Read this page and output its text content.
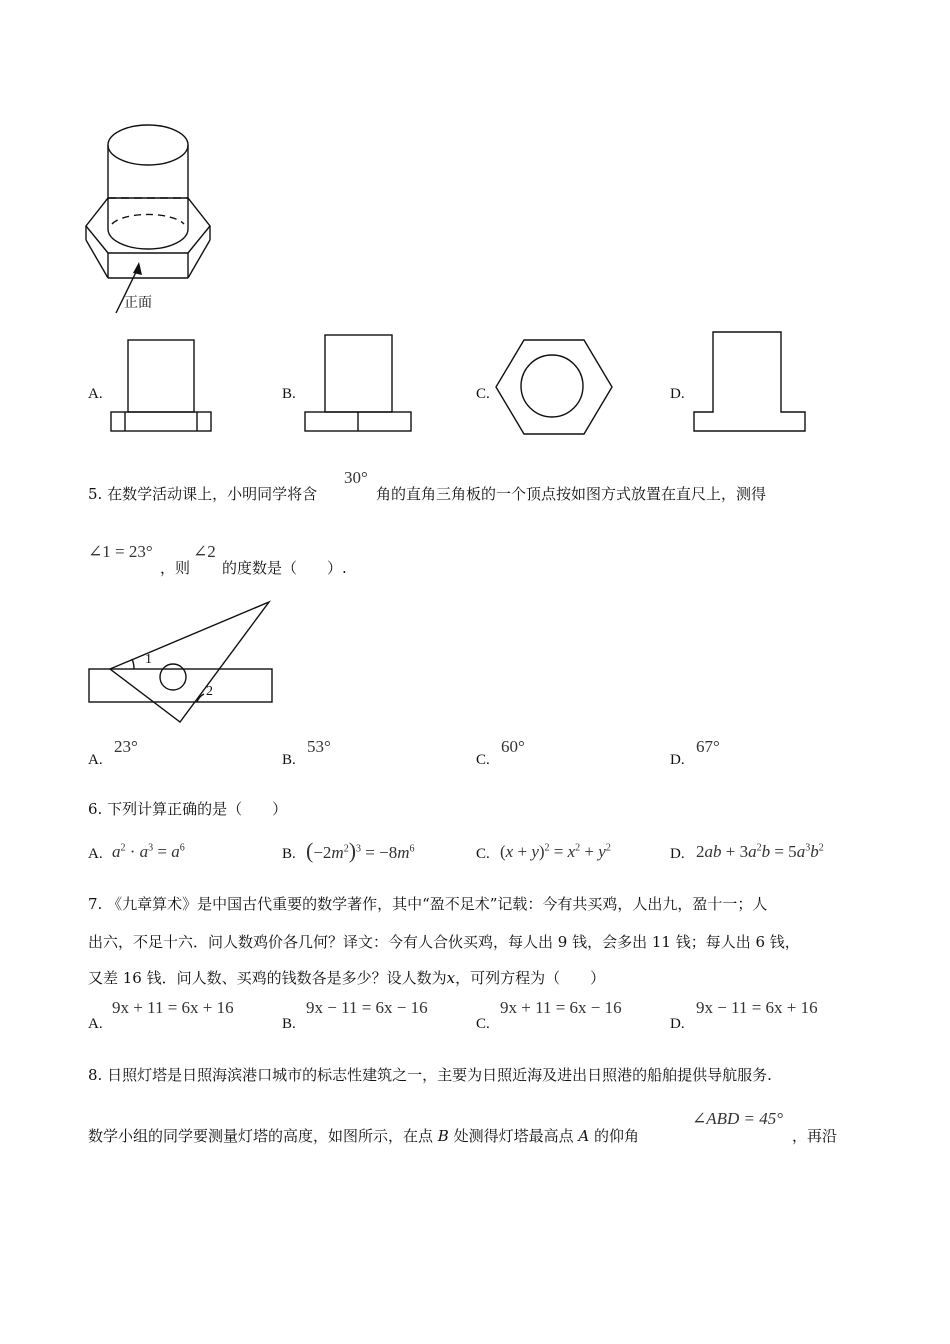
正面
A.	B.	C.	D.
5. 在数学活动课上，小明同学将含
30°
角的直角三角板的一个顶点按如图方式放置在直尺上，测得
∠1 = 23°
，则
∠2
的度数是（　　）.
1
2
A.
23°
B.
53°
C.
60°
D.
67°
6. 下列计算正确的是（　　）
A. $a^2 \cdot a^3 = a^6$	B. $(-2m^2)^3 = -8m^6$	C. $(x + y)^2 = x^2 + y^2$	D. $2ab + 3a^2b = 5a^3b^2$
7. 《九章算术》是中国古代重要的数学著作，其中“盈不足术”记载：今有共买鸡，人出九，盈十一；人
出六，不足十六．问人数鸡价各几何？译文：今有人合伙买鸡，每人出 9 钱，会多出 11 钱；每人出 6 钱，
又差 16 钱．问人数、买鸡的钱数各是多少？设人数为x，可列方程为（　　）
A.
9x + 11 = 6x + 16
B.
9x − 11 = 6x − 16
C.
9x + 11 = 6x − 16
D.
9x − 11 = 6x + 16
8. 日照灯塔是日照海滨港口城市的标志性建筑之一，主要为日照近海及进出日照港的船舶提供导航服务.
数学小组的同学要测量灯塔的高度，如图所示，在点 B 处测得灯塔最高点 A 的仰角
∠ABD = 45°
，再沿
